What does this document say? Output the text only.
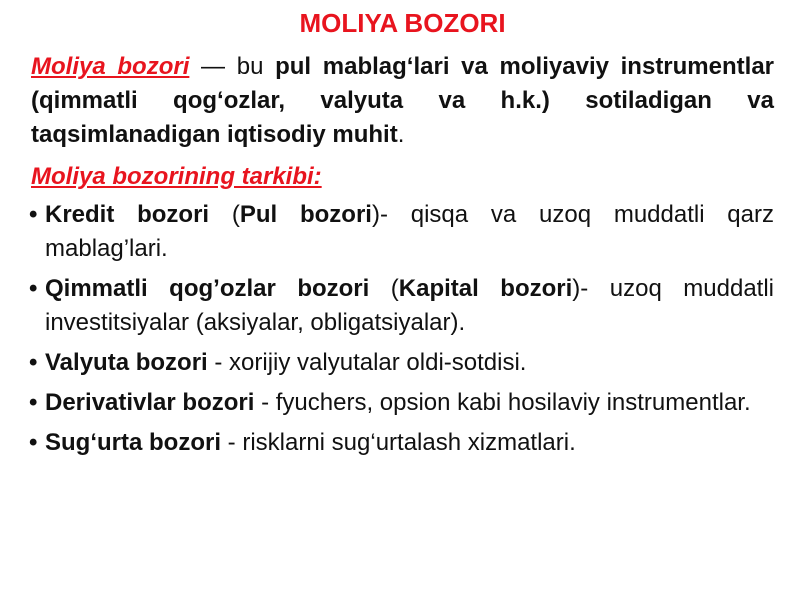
MOLIYA BOZORI

Moliya bozori — bu pul mablag‘lari va moliyaviy instrumentlar (qimmatli qog‘ozlar, valyuta va h.k.) sotiladigan va taqsimlanadigan iqtisodiy muhit.

Moliya bozorining tarkibi:

• Kredit bozori (Pul bozori)- qisqa va uzoq muddatli qarz mablag’lari.
• Qimmatli qog’ozlar bozori (Kapital bozori)- uzoq muddatli investitsiyalar (aksiyalar, obligatsiyalar).
• Valyuta bozori - xorijiy valyutalar oldi-sotdisi.
• Derivativlar bozori - fyuchers, opsion kabi hosilaviy instrumentlar.
• Sug‘urta bozori - risklarni sug‘urtalash xizmatlari.
